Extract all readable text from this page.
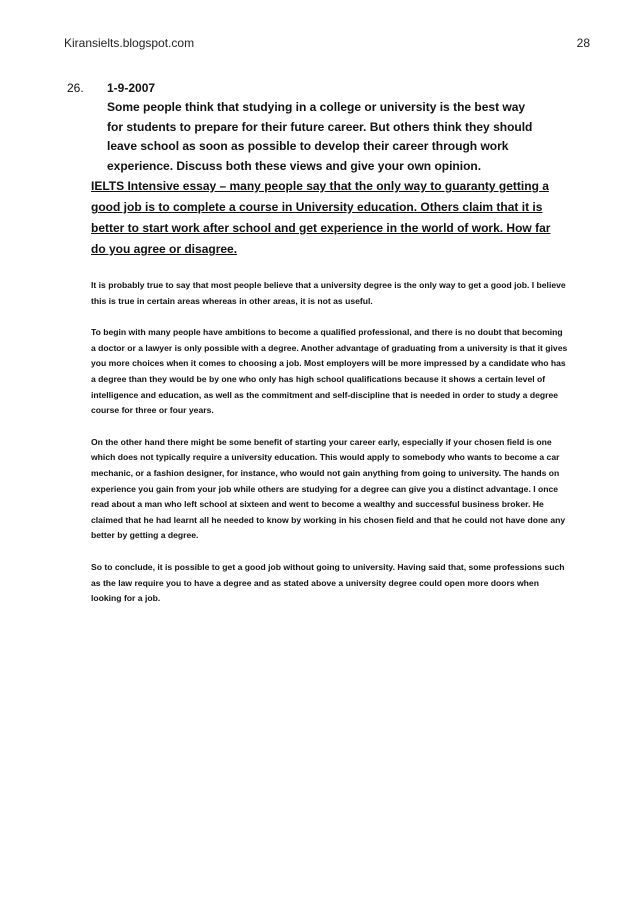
Kiransielts.blogspot.com	28
26. 1-9-2007
Some people think that studying in a college or university is the best way for students to prepare for their future career. But others think they should leave school as soon as possible to develop their career through work experience. Discuss both these views and give your own opinion.
IELTS Intensive essay – many people say that the only way to guaranty getting a good job is to complete a course in University education. Others claim that it is better to start work after school and get experience in the world of work. How far do you agree or disagree.

It is probably true to say that most people believe that a university degree is the only way to get a good job. I believe this is true in certain areas whereas in other areas, it is not as useful.

To begin with many people have ambitions to become a qualified professional, and there is no doubt that becoming a doctor or a lawyer is only possible with a degree. Another advantage of graduating from a university is that it gives you more choices when it comes to choosing a job. Most employers will be more impressed by a candidate who has a degree than they would be by one who only has high school qualifications because it shows a certain level of intelligence and education, as well as the commitment and self-discipline that is needed in order to study a degree course for three or four years.

On the other hand there might be some benefit of starting your career early, especially if your chosen field is one which does not typically require a university education. This would apply to somebody who wants to become a car mechanic, or a fashion designer, for instance, who would not gain anything from going to university. The hands on experience you gain from your job while others are studying for a degree can give you a distinct advantage. I once read about a man who left school at sixteen and went to become a wealthy and successful business broker. He claimed that he had learnt all he needed to know by working in his chosen field and that he could not have done any better by getting a degree.

So to conclude, it is possible to get a good job without going to university. Having said that, some professions such as the law require you to have a degree and as stated above a university degree could open more doors when looking for a job.
